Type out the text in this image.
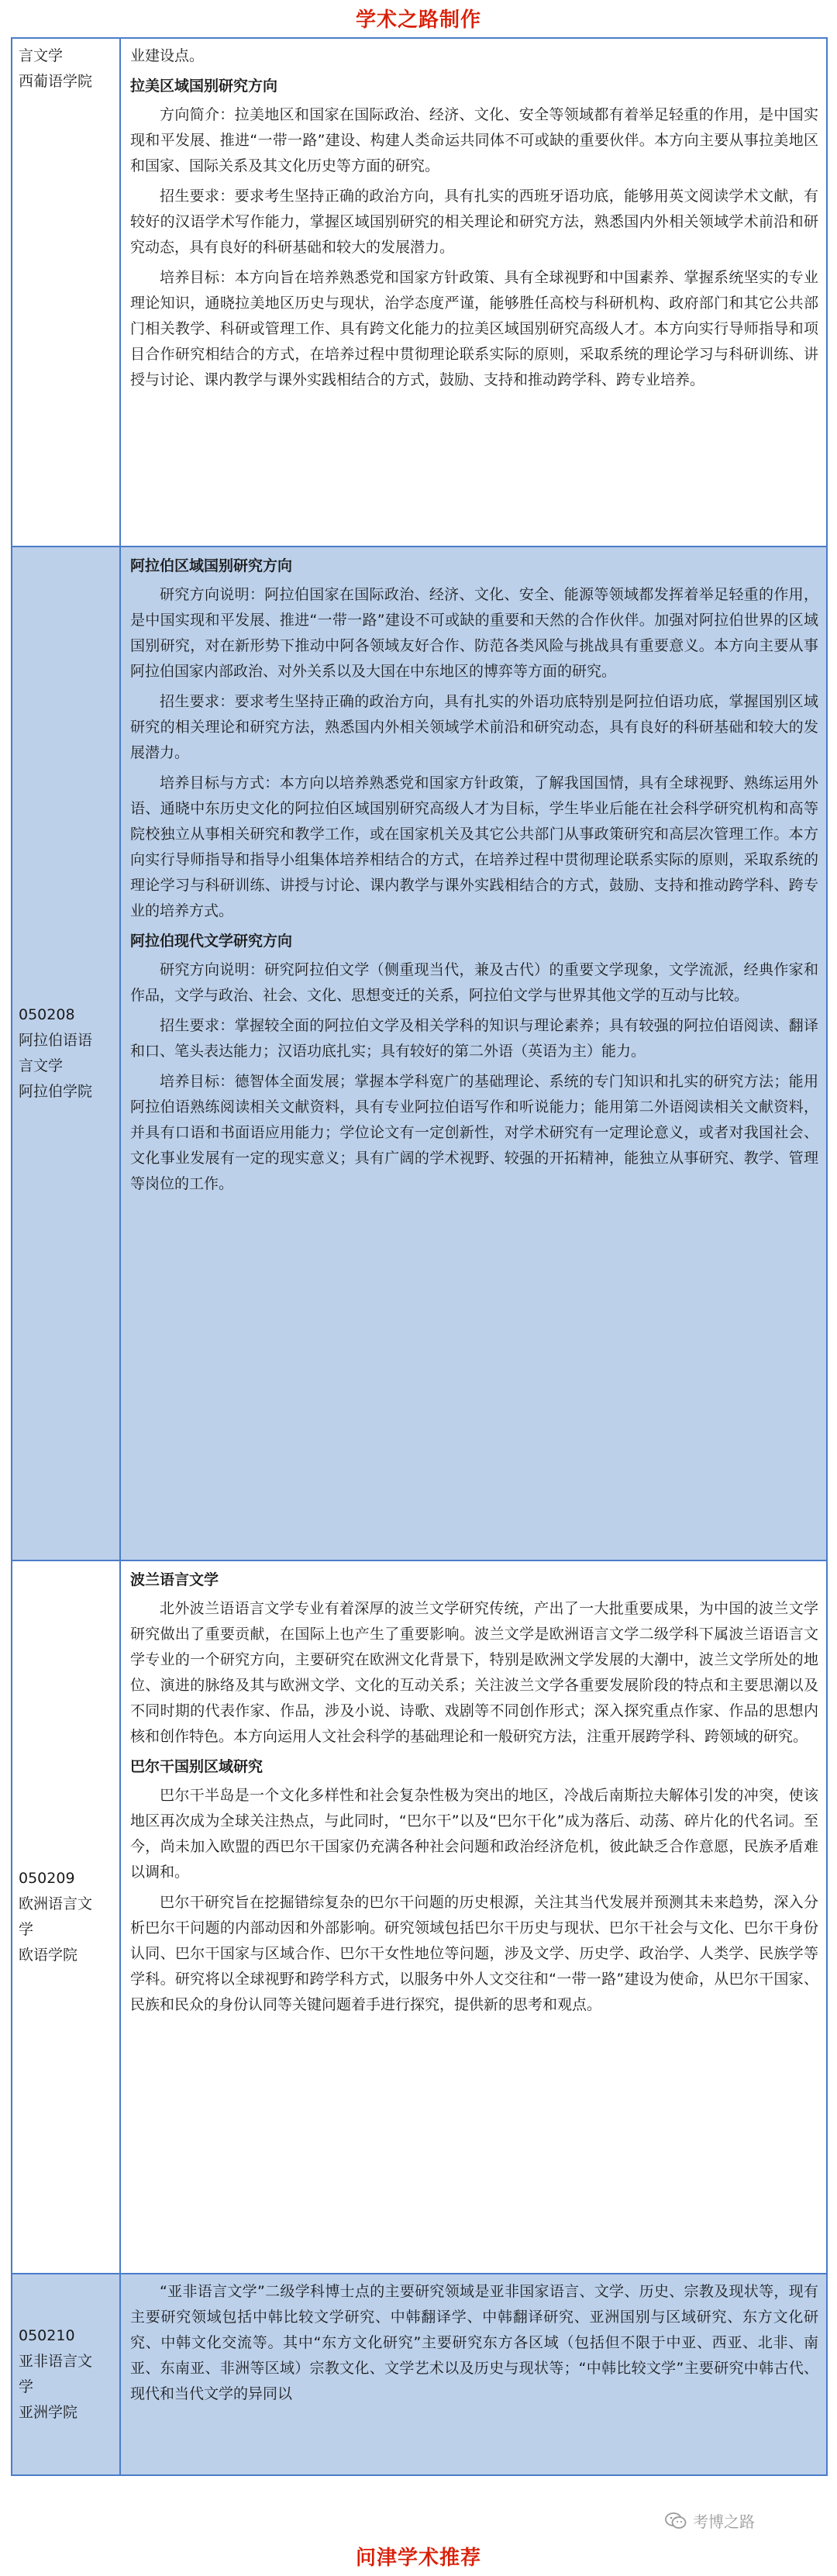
学术之路制作
言文学
西葡语学院
业建设点。
拉美区域国别研究方向
方向简介：拉美地区和国家在国际政治、经济、文化、安全等领域都有着举足轻重的作用，是中国实现和平发展、推进“一带一路”建设、构建人类命运共同体不可或缺的重要伙伴。本方向主要从事拉美地区和国家、国际关系及其文化历史等方面的研究。
招生要求：要求考生坚持正确的政治方向，具有扎实的西班牙语功底，能够用英文阅读学术文献，有较好的汉语学术写作能力，掌握区域国别研究的相关理论和研究方法，熟悉国内外相关领域学术前沿和研究动态，具有良好的科研基础和较大的发展潜力。
培养目标：本方向旨在培养熟悉党和国家方针政策、具有全球视野和中国素养、掌握系统坚实的专业理论知识，通晓拉美地区历史与现状，治学态度严谨，能够胜任高校与科研机构、政府部门和其它公共部门相关教学、科研或管理工作、具有跨文化能力的拉美区域国别研究高级人才。本方向实行导师指导和项目合作研究相结合的方式，在培养过程中贯彻理论联系实际的原则，采取系统的理论学习与科研训练、讲授与讨论、课内教学与课外实践相结合的方式，鼓励、支持和推动跨学科、跨专业培养。
050208
阿拉伯语语
言文学
阿拉伯学院
阿拉伯区域国别研究方向
研究方向说明：阿拉伯国家在国际政治、经济、文化、安全、能源等领域都发挥着举足轻重的作用，是中国实现和平发展、推进“一带一路”建设不可或缺的重要和天然的合作伙伴。加强对阿拉伯世界的区域国别研究，对在新形势下推动中阿各领域友好合作、防范各类风险与挑战具有重要意义。本方向主要从事阿拉伯国家内部政治、对外关系以及大国在中东地区的博弈等方面的研究。
招生要求：要求考生坚持正确的政治方向，具有扎实的外语功底特别是阿拉伯语功底，掌握国别区域研究的相关理论和研究方法，熟悉国内外相关领域学术前沿和研究动态，具有良好的科研基础和较大的发展潜力。
培养目标与方式：本方向以培养熟悉党和国家方针政策，了解我国国情，具有全球视野、熟练运用外语、通晓中东历史文化的阿拉伯区域国别研究高级人才为目标，学生毕业后能在社会科学研究机构和高等院校独立从事相关研究和教学工作，或在国家机关及其它公共部门从事政策研究和高层次管理工作。本方向实行导师指导和指导小组集体培养相结合的方式，在培养过程中贯彻理论联系实际的原则，采取系统的理论学习与科研训练、讲授与讨论、课内教学与课外实践相结合的方式，鼓励、支持和推动跨学科、跨专业的培养方式。
阿拉伯现代文学研究方向
研究方向说明：研究阿拉伯文学（侧重现当代，兼及古代）的重要文学现象，文学流派，经典作家和作品，文学与政治、社会、文化、思想变迁的关系，阿拉伯文学与世界其他文学的互动与比较。
招生要求：掌握较全面的阿拉伯文学及相关学科的知识与理论素养；具有较强的阿拉伯语阅读、翻译和口、笔头表达能力；汉语功底扎实；具有较好的第二外语（英语为主）能力。
培养目标：德智体全面发展；掌握本学科宽广的基础理论、系统的专门知识和扎实的研究方法；能用阿拉伯语熟练阅读相关文献资料，具有专业阿拉伯语写作和听说能力；能用第二外语阅读相关文献资料，并具有口语和书面语应用能力；学位论文有一定创新性，对学术研究有一定理论意义，或者对我国社会、文化事业发展有一定的现实意义；具有广阔的学术视野、较强的开拓精神，能独立从事研究、教学、管理等岗位的工作。
050209
欧洲语言文
学
欧语学院
波兰语言文学
北外波兰语语言文学专业有着深厚的波兰文学研究传统，产出了一大批重要成果，为中国的波兰文学研究做出了重要贡献，在国际上也产生了重要影响。波兰文学是欧洲语言文学二级学科下属波兰语语言文学专业的一个研究方向，主要研究在欧洲文化背景下，特别是欧洲文学发展的大潮中，波兰文学所处的地位、演进的脉络及其与欧洲文学、文化的互动关系；关注波兰文学各重要发展阶段的特点和主要思潮以及不同时期的代表作家、作品，涉及小说、诗歌、戏剧等不同创作形式；深入探究重点作家、作品的思想内核和创作特色。本方向运用人文社会科学的基础理论和一般研究方法，注重开展跨学科、跨领域的研究。
巴尔干国别区域研究
巴尔干半岛是一个文化多样性和社会复杂性极为突出的地区，冷战后南斯拉夫解体引发的冲突，使该地区再次成为全球关注热点，与此同时，“巴尔干”以及“巴尔干化”成为落后、动荡、碎片化的代名词。至今，尚未加入欧盟的西巴尔干国家仍充满各种社会问题和政治经济危机，彼此缺乏合作意愿，民族矛盾难以调和。
巴尔干研究旨在挖掘错综复杂的巴尔干问题的历史根源，关注其当代发展并预测其未来趋势，深入分析巴尔干问题的内部动因和外部影响。研究领域包括巴尔干历史与现状、巴尔干社会与文化、巴尔干身份认同、巴尔干国家与区域合作、巴尔干女性地位等问题，涉及文学、历史学、政治学、人类学、民族学等学科。研究将以全球视野和跨学科方式，以服务中外人文交往和“一带一路”建设为使命，从巴尔干国家、民族和民众的身份认同等关键问题着手进行探究，提供新的思考和观点。
050210
亚非语言文
学
亚洲学院
“亚非语言文学”二级学科博士点的主要研究领域是亚非国家语言、文学、历史、宗教及现状等，现有主要研究领域包括中韩比较文学研究、中韩翻译学、中韩翻译研究、亚洲国别与区域研究、东方文化研究、中韩文化交流等。其中“东方文化研究”主要研究东方各区域（包括但不限于中亚、西亚、北非、南亚、东南亚、非洲等区域）宗教文化、文学艺术以及历史与现状等；“中韩比较文学”主要研究中韩古代、现代和当代文学的异同以
考博之路
问津学术推荐
